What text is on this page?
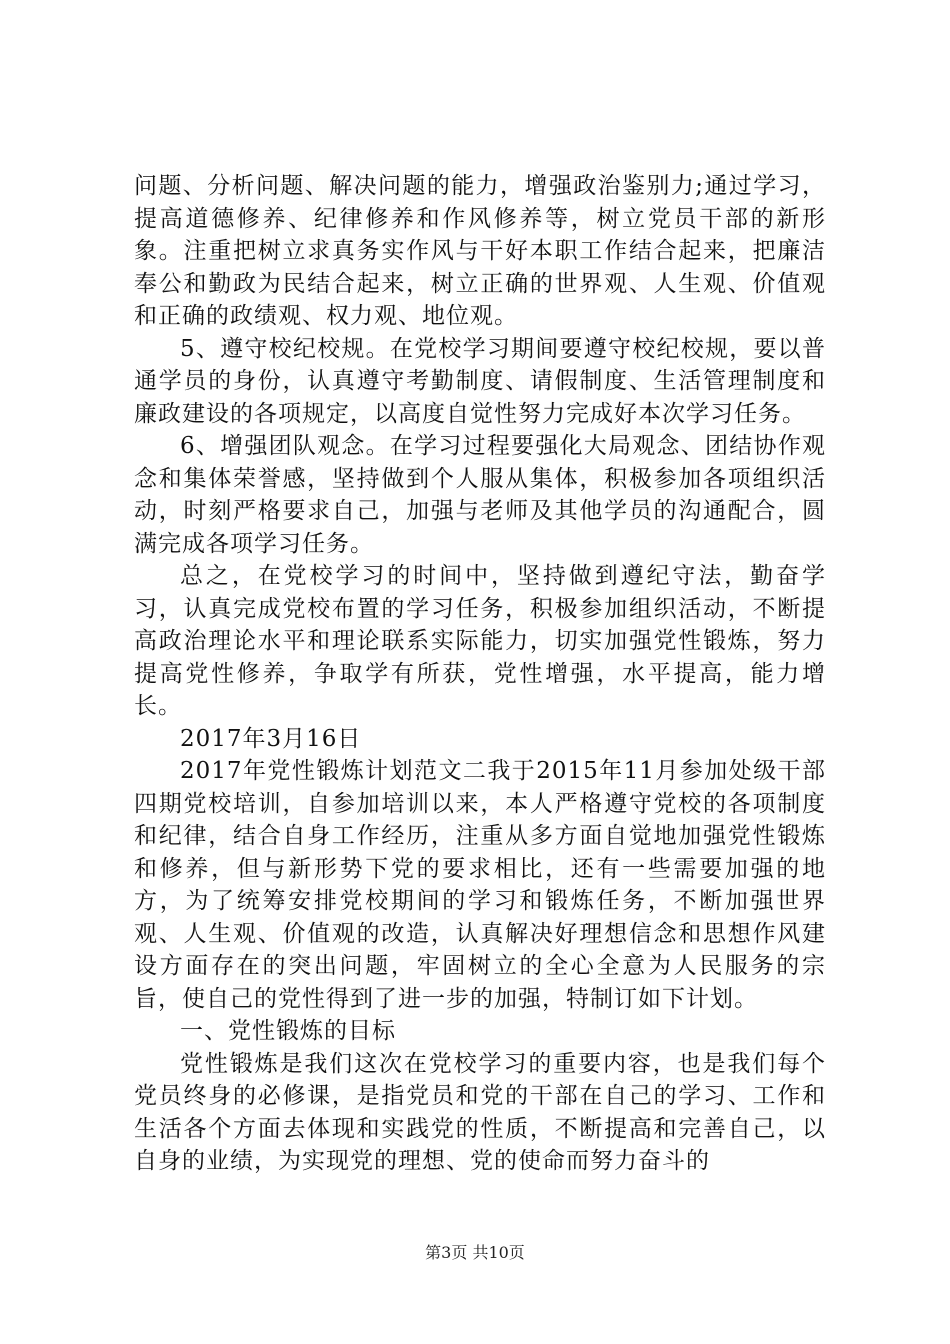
问题、分析问题、解决问题的能力，增强政治鉴别力;通过学习，提高道德修养、纪律修养和作风修养等，树立党员干部的新形象。注重把树立求真务实作风与干好本职工作结合起来，把廉洁奉公和勤政为民结合起来，树立正确的世界观、人生观、价值观和正确的政绩观、权力观、地位观。

5、遵守校纪校规。在党校学习期间要遵守校纪校规，要以普通学员的身份，认真遵守考勤制度、请假制度、生活管理制度和廉政建设的各项规定，以高度自觉性努力完成好本次学习任务。

6、增强团队观念。在学习过程要强化大局观念、团结协作观念和集体荣誉感，坚持做到个人服从集体，积极参加各项组织活动，时刻严格要求自己，加强与老师及其他学员的沟通配合，圆满完成各项学习任务。

总之，在党校学习的时间中，坚持做到遵纪守法，勤奋学习，认真完成党校布置的学习任务，积极参加组织活动，不断提高政治理论水平和理论联系实际能力，切实加强党性锻炼，努力提高党性修养，争取学有所获，党性增强，水平提高，能力增长。

2017年3月16日

2017年党性锻炼计划范文二我于2015年11月参加处级干部四期党校培训，自参加培训以来，本人严格遵守党校的各项制度和纪律，结合自身工作经历，注重从多方面自觉地加强党性锻炼和修养，但与新形势下党的要求相比，还有一些需要加强的地方，为了统筹安排党校期间的学习和锻炼任务，不断加强世界观、人生观、价值观的改造，认真解决好理想信念和思想作风建设方面存在的突出问题，牢固树立的全心全意为人民服务的宗旨，使自己的党性得到了进一步的加强，特制订如下计划。

一、党性锻炼的目标

党性锻炼是我们这次在党校学习的重要内容，也是我们每个党员终身的必修课，是指党员和党的干部在自己的学习、工作和生活各个方面去体现和实践党的性质，不断提高和完善自己，以自身的业绩，为实现党的理想、党的使命而努力奋斗的

第3页 共10页
